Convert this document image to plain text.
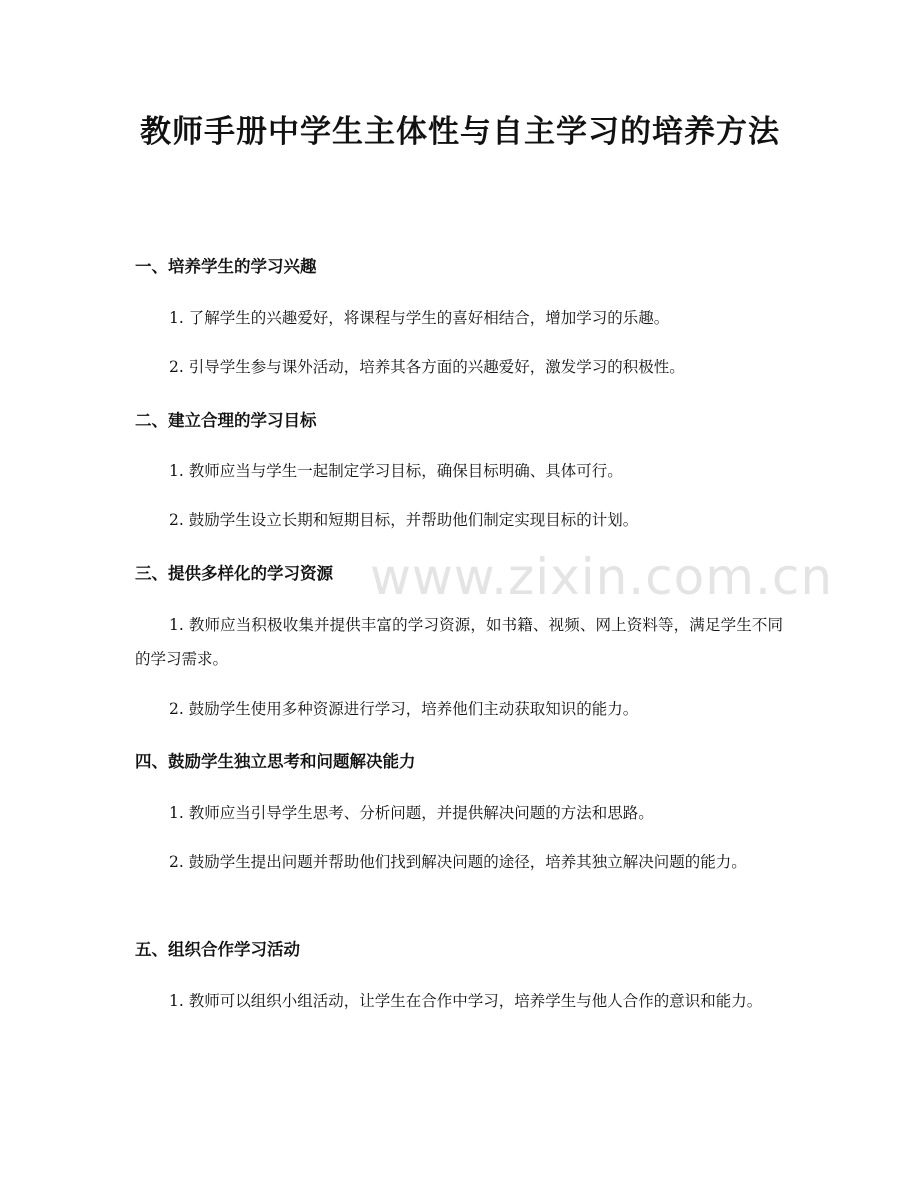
www.zixin.com.cn
教师手册中学生主体性与自主学习的培养方法
一、培养学生的学习兴趣

1. 了解学生的兴趣爱好，将课程与学生的喜好相结合，增加学习的乐趣。

2. 引导学生参与课外活动，培养其各方面的兴趣爱好，激发学习的积极性。

二、建立合理的学习目标

1. 教师应当与学生一起制定学习目标，确保目标明确、具体可行。

2. 鼓励学生设立长期和短期目标，并帮助他们制定实现目标的计划。

三、提供多样化的学习资源

1. 教师应当积极收集并提供丰富的学习资源，如书籍、视频、网上资料等，满足学生不同的学习需求。

2. 鼓励学生使用多种资源进行学习，培养他们主动获取知识的能力。

四、鼓励学生独立思考和问题解决能力

1. 教师应当引导学生思考、分析问题，并提供解决问题的方法和思路。

2. 鼓励学生提出问题并帮助他们找到解决问题的途径，培养其独立解决问题的能力。

五、组织合作学习活动

1. 教师可以组织小组活动，让学生在合作中学习，培养学生与他人合作的意识和能力。
